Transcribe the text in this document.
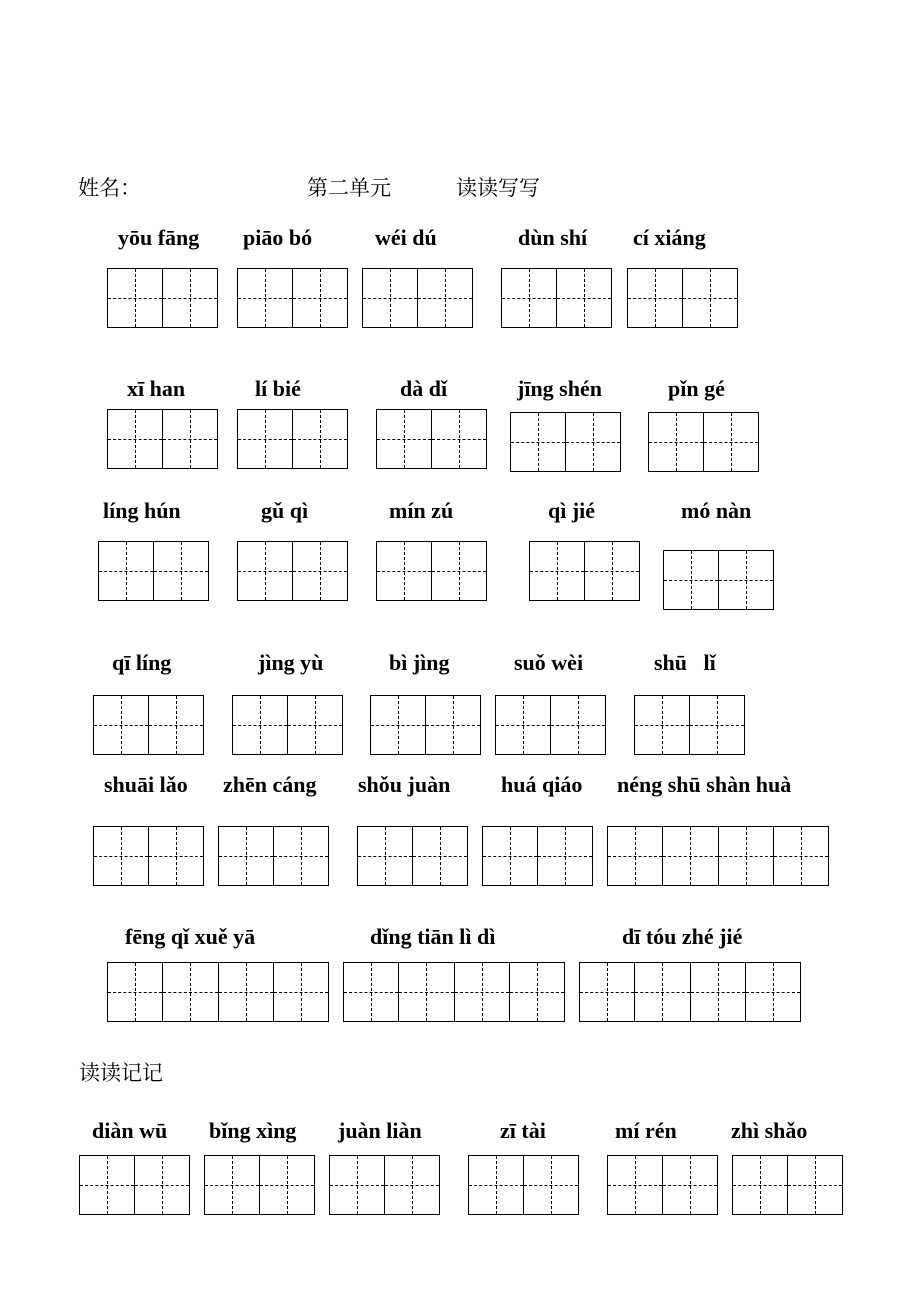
姓名：	第二单元	读读写写
读读记记
yōu fāng piāo bó	wéi dú	dùn shí cí xiáng
xī han	lí bié	dà dǐ	jīng shén	pǐn gé
líng hún	gǔ qì	mín zú	qì jié	mó nàn
qī líng	jìng yù	bì jìng	suǒ wèi	shū   lǐ
shuāi lǎo zhēn cáng shǒu juàn huá qiáo néng shū shàn huà
fēng qǐ xuě yā	dǐng tiān lì dì	dī tóu zhé jié
diàn wū bǐng xìng juàn liàn	zī tài	mí rén zhì shǎo
